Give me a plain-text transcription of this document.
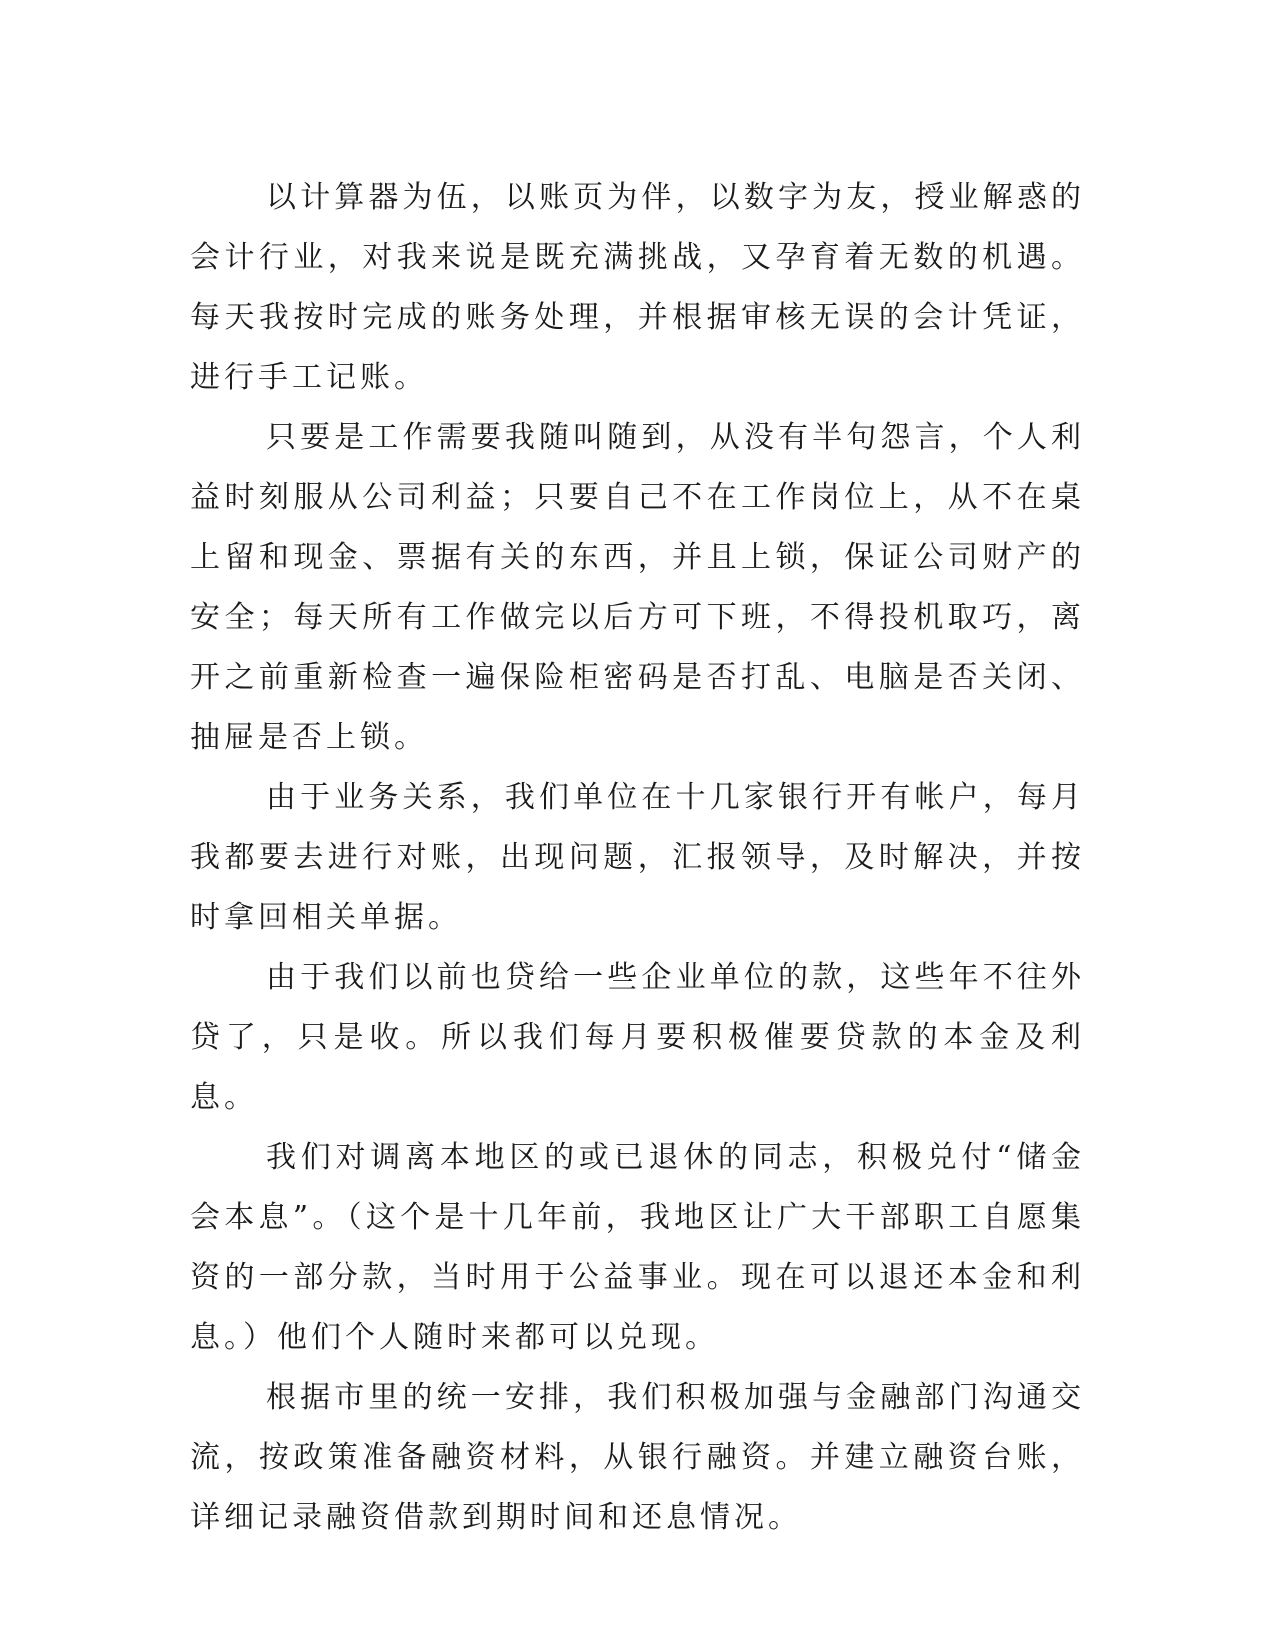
以计算器为伍，以账页为伴，以数字为友，授业解惑的会计行业，对我来说是既充满挑战，又孕育着无数的机遇。每天我按时完成的账务处理，并根据审核无误的会计凭证，进行手工记账。

只要是工作需要我随叫随到，从没有半句怨言，个人利益时刻服从公司利益；只要自己不在工作岗位上，从不在桌上留和现金、票据有关的东西，并且上锁，保证公司财产的安全；每天所有工作做完以后方可下班，不得投机取巧，离开之前重新检查一遍保险柜密码是否打乱、电脑是否关闭、抽屉是否上锁。

由于业务关系，我们单位在十几家银行开有帐户，每月我都要去进行对账，出现问题，汇报领导，及时解决，并按时拿回相关单据。

由于我们以前也贷给一些企业单位的款，这些年不往外贷了，只是收。所以我们每月要积极催要贷款的本金及利息。

我们对调离本地区的或已退休的同志，积极兑付“储金会本息”。（这个是十几年前，我地区让广大干部职工自愿集资的一部分款，当时用于公益事业。现在可以退还本金和利息。）他们个人随时来都可以兑现。

根据市里的统一安排，我们积极加强与金融部门沟通交流，按政策准备融资材料，从银行融资。并建立融资台账，详细记录融资借款到期时间和还息情况。
